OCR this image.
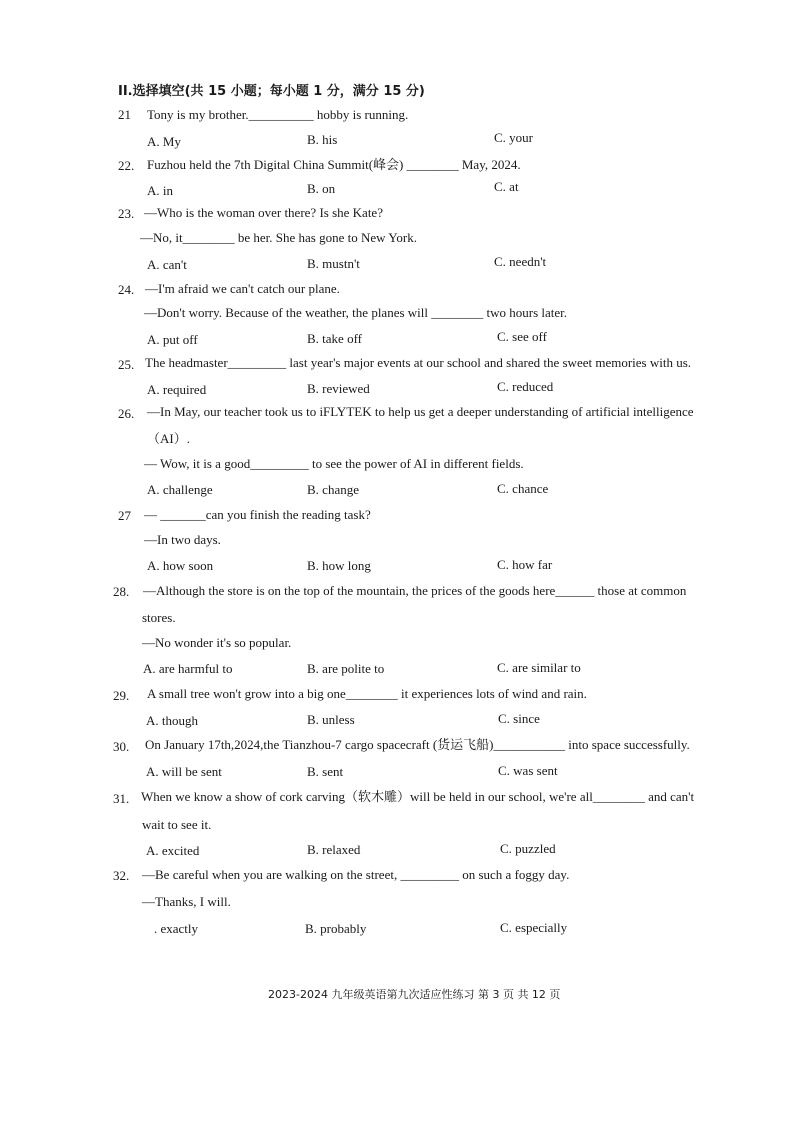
II.选择填空(共 15 小题；每小题 1 分，满分 15 分)
21 Tony is my brother.__________ hobby is running.
A. My	B. his	C. your
22. Fuzhou held the 7th Digital China Summit(峰会) ________ May, 2024.
A. in	B. on	C. at
23. —Who is the woman over there? Is she Kate?
—No, it________ be her. She has gone to New York.
A. can't	B. mustn't	C. needn't
24. —I'm afraid we can't catch our plane.
—Don't worry. Because of the weather, the planes will ________ two hours later.
A. put off	B. take off	C. see off
25. The headmaster_________ last year's major events at our school and shared the sweet memories with us.
A. required	B. reviewed	C. reduced
26. —In May, our teacher took us to iFLYTEK to help us get a deeper understanding of artificial intelligence
（AI）.
— Wow, it is a good_________ to see the power of AI in different fields.
A. challenge	B. change	C. chance
27 — _______can you finish the reading task?
—In two days.
A. how soon	B. how long	C. how far
28. —Although the store is on the top of the mountain, the prices of the goods here______ those at common
stores.
—No wonder it's so popular.
A. are harmful to	B. are polite to	C. are similar to
29. A small tree won't grow into a big one________ it experiences lots of wind and rain.
A. though	B. unless	C. since
30. On January 17th,2024,the Tianzhou-7 cargo spacecraft (货运飞船)___________ into space successfully.
A. will be sent	B. sent	C. was sent
31. When we know a show of cork carving（软木雕）will be held in our school, we're all________ and can't
wait to see it.
A. excited	B. relaxed	C. puzzled
32. —Be careful when you are walking on the street, _________ on such a foggy day.
—Thanks, I will.
. exactly	B. probably	C. especially
2023-2024 九年级英语第九次适应性练习 第 3 页 共 12 页
